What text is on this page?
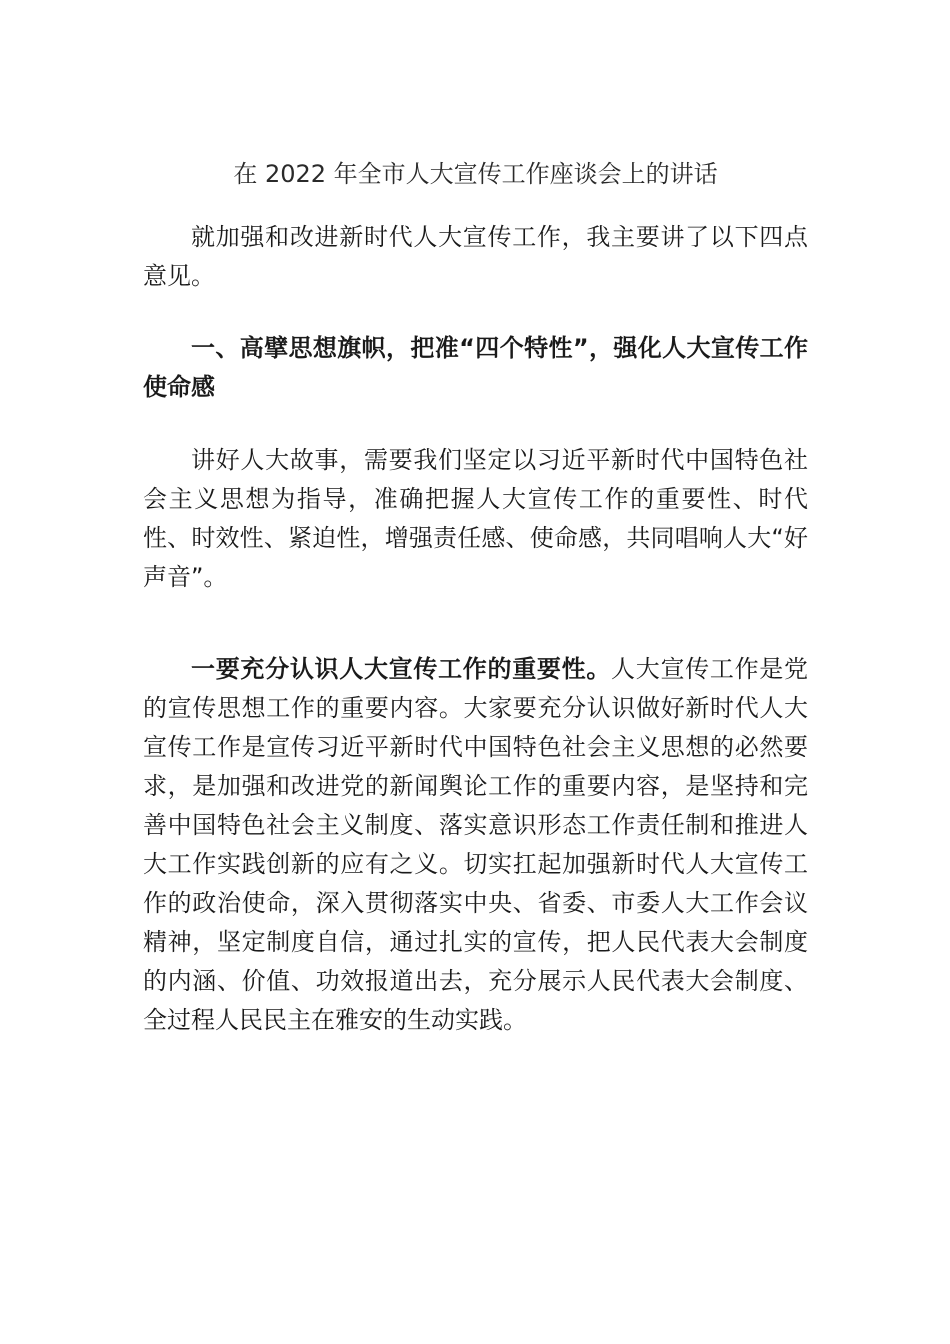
在 2022 年全市人大宣传工作座谈会上的讲话

就加强和改进新时代人大宣传工作，我主要讲了以下四点意见。

一、高擘思想旗帜，把准“四个特性”，强化人大宣传工作使命感

讲好人大故事，需要我们坚定以习近平新时代中国特色社会主义思想为指导，准确把握人大宣传工作的重要性、时代性、时效性、紧迫性，增强责任感、使命感，共同唱响人大“好声音”。

一要充分认识人大宣传工作的重要性。人大宣传工作是党的宣传思想工作的重要内容。大家要充分认识做好新时代人大宣传工作是宣传习近平新时代中国特色社会主义思想的必然要求，是加强和改进党的新闻舆论工作的重要内容，是坚持和完善中国特色社会主义制度、落实意识形态工作责任制和推进人大工作实践创新的应有之义。切实扛起加强新时代人大宣传工作的政治使命，深入贯彻落实中央、省委、市委人大工作会议精神，坚定制度自信，通过扎实的宣传，把人民代表大会制度的内涵、价值、功效报道出去，充分展示人民代表大会制度、全过程人民民主在雅安的生动实践。
